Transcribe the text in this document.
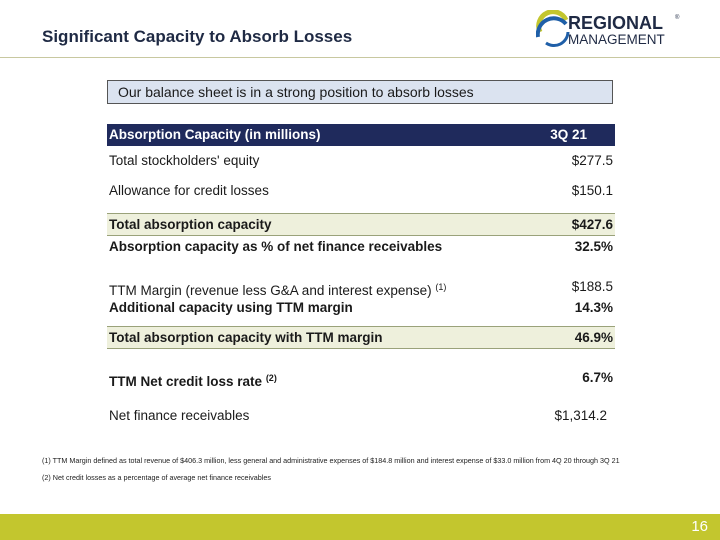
Significant Capacity to Absorb Losses
REGIONAL ®
MANAGEMENT
Our balance sheet is in a strong position to absorb losses
Absorption Capacity (in millions)	3Q 21
Total stockholders' equity	$277.5
Allowance for credit losses	$150.1
Total absorption capacity	$427.6
Absorption capacity as % of net finance receivables	32.5%
TTM Margin (revenue less G&A and interest expense) $^{(1)}$	$188.5
Additional capacity using TTM margin	14.3%
Total absorption capacity with TTM margin	46.9%
TTM Net credit loss rate $^{(2)}$	6.7%
Net finance receivables	$1,314.2

(1) TTM Margin defined as total revenue of $406.3 million, less general and administrative expenses of $184.8 million and interest expense of $33.0 million from 4Q 20 through 3Q 21

(2) Net credit losses as a percentage of average net finance receivables

16
